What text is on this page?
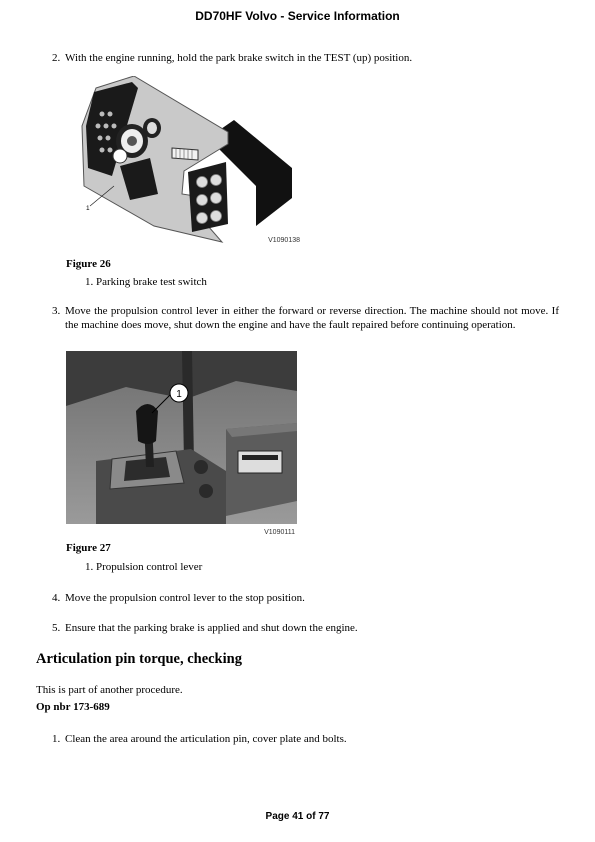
DD70HF Volvo - Service Information
2. With the engine running, hold the park brake switch in the TEST (up) position.
1
V1090138
Figure 26
1. Parking brake test switch
3. Move the propulsion control lever in either the forward or reverse direction. The machine should not move. If the machine does move, shut down the engine and have the fault repaired before continuing operation.
1
V1090111
Figure 27
1. Propulsion control lever
4. Move the propulsion control lever to the stop position.
5. Ensure that the parking brake is applied and shut down the engine.
Articulation pin torque, checking
This is part of another procedure.
Op nbr 173-689
1. Clean the area around the articulation pin, cover plate and bolts.
Page 41 of 77
